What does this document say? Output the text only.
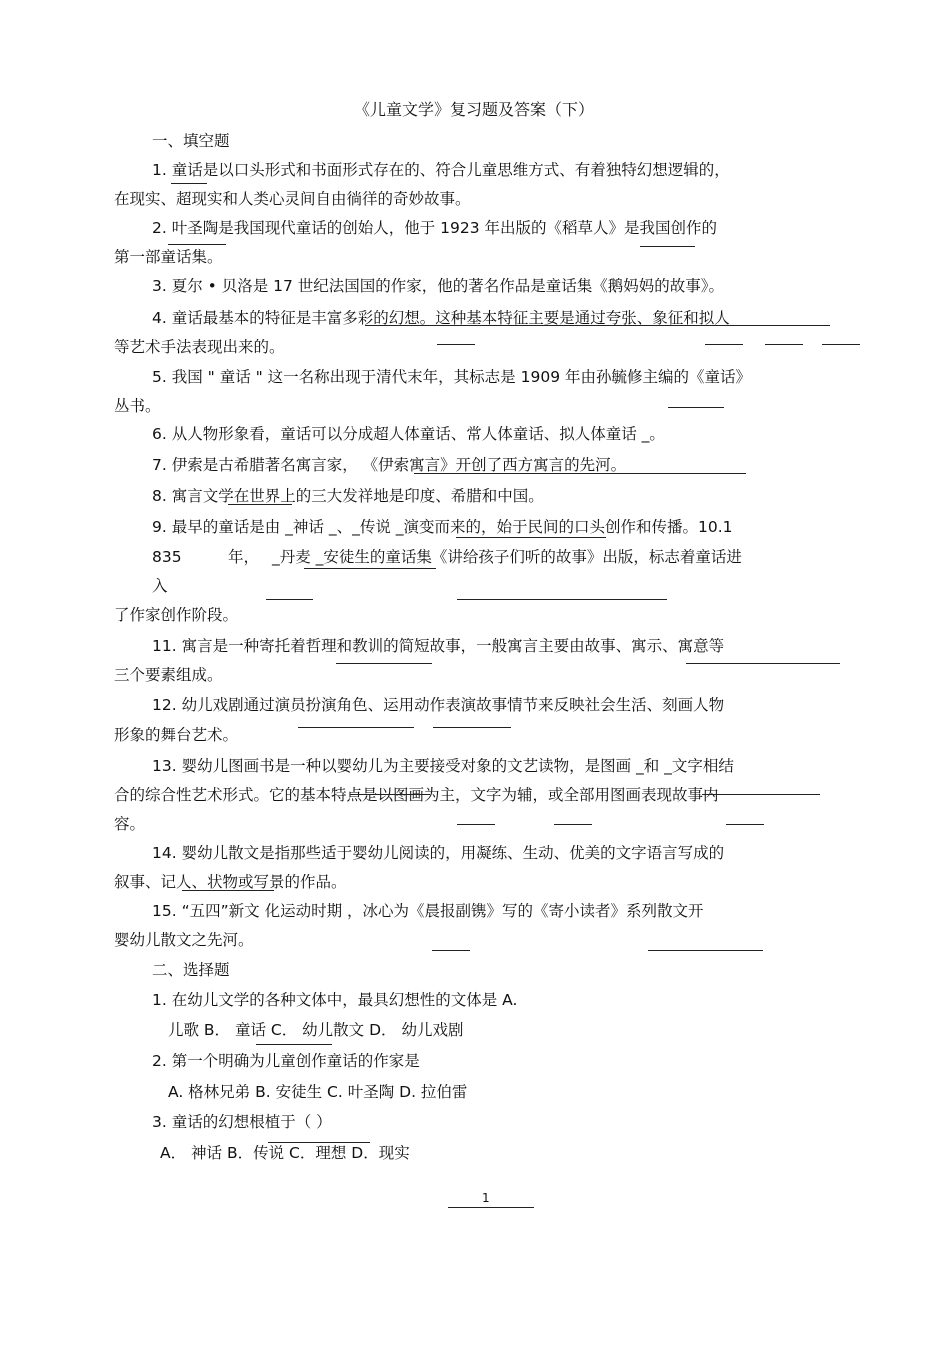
《儿童文学》复习题及答案（下）
一、填空题
1. 童话是以口头形式和书面形式存在的、符合儿童思维方式、有着独特幻想逻辑的，
在现实、超现实和人类心灵间自由徜徉的奇妙故事。
2. 叶圣陶是我国现代童话的创始人，他于 1923 年出版的《稻草人》是我国创作的
第一部童话集。
3. 夏尔 • 贝洛是 17 世纪法国国的作家，他的著名作品是童话集《鹅妈妈的故事》。
4. 童话最基本的特征是丰富多彩的幻想。这种基本特征主要是通过夸张、象征和拟人
等艺术手法表现出来的。
5. 我国 " 童话 " 这一名称出现于清代末年，其标志是 1909 年由孙毓修主编的《童话》
丛书。
6. 从人物形象看，童话可以分成超人体童话、常人体童话、拟人体童话 _。
7. 伊索是古希腊著名寓言家， 《伊索寓言》开创了西方寓言的先河。
8. 寓言文学在世界上的三大发祥地是印度、希腊和中国。
9. 最早的童话是由 _神话 _、_传说 _演变而来的，始于民间的口头创作和传播。10.1
835	年， _丹麦 _安徒生的童话集《讲给孩子们听的故事》出版，标志着童话进
入
了作家创作阶段。
11. 寓言是一种寄托着哲理和教训的简短故事，一般寓言主要由故事、寓示、寓意等
三个要素组成。
12. 幼儿戏剧通过演员扮演角色、运用动作表演故事情节来反映社会生活、刻画人物
形象的舞台艺术。
13. 婴幼儿图画书是一种以婴幼儿为主要接受对象的文艺读物，是图画 _和 _文字相结
合的综合性艺术形式。它的基本特点是以图画为主，文字为辅，或全部用图画表现故事内
容。
14. 婴幼儿散文是指那些适于婴幼儿阅读的，用凝练、生动、优美的文字语言写成的
叙事、记人、状物或写景的作品。
15. “五四”新文 化运动时期 ，冰心为《晨报副镌》写的《寄小读者》系列散文开
婴幼儿散文之先河。
二、选择题
1. 在幼儿文学的各种文体中，最具幻想性的文体是 A.
儿歌 B． 童话 C． 幼儿散文 D． 幼儿戏剧
2. 第一个明确为儿童创作童话的作家是
A. 格林兄弟 B. 安徒生 C. 叶圣陶 D. 拉伯雷
3. 童话的幻想根植于（ ）
A． 神话 B．传说 C．理想 D．现实
1
